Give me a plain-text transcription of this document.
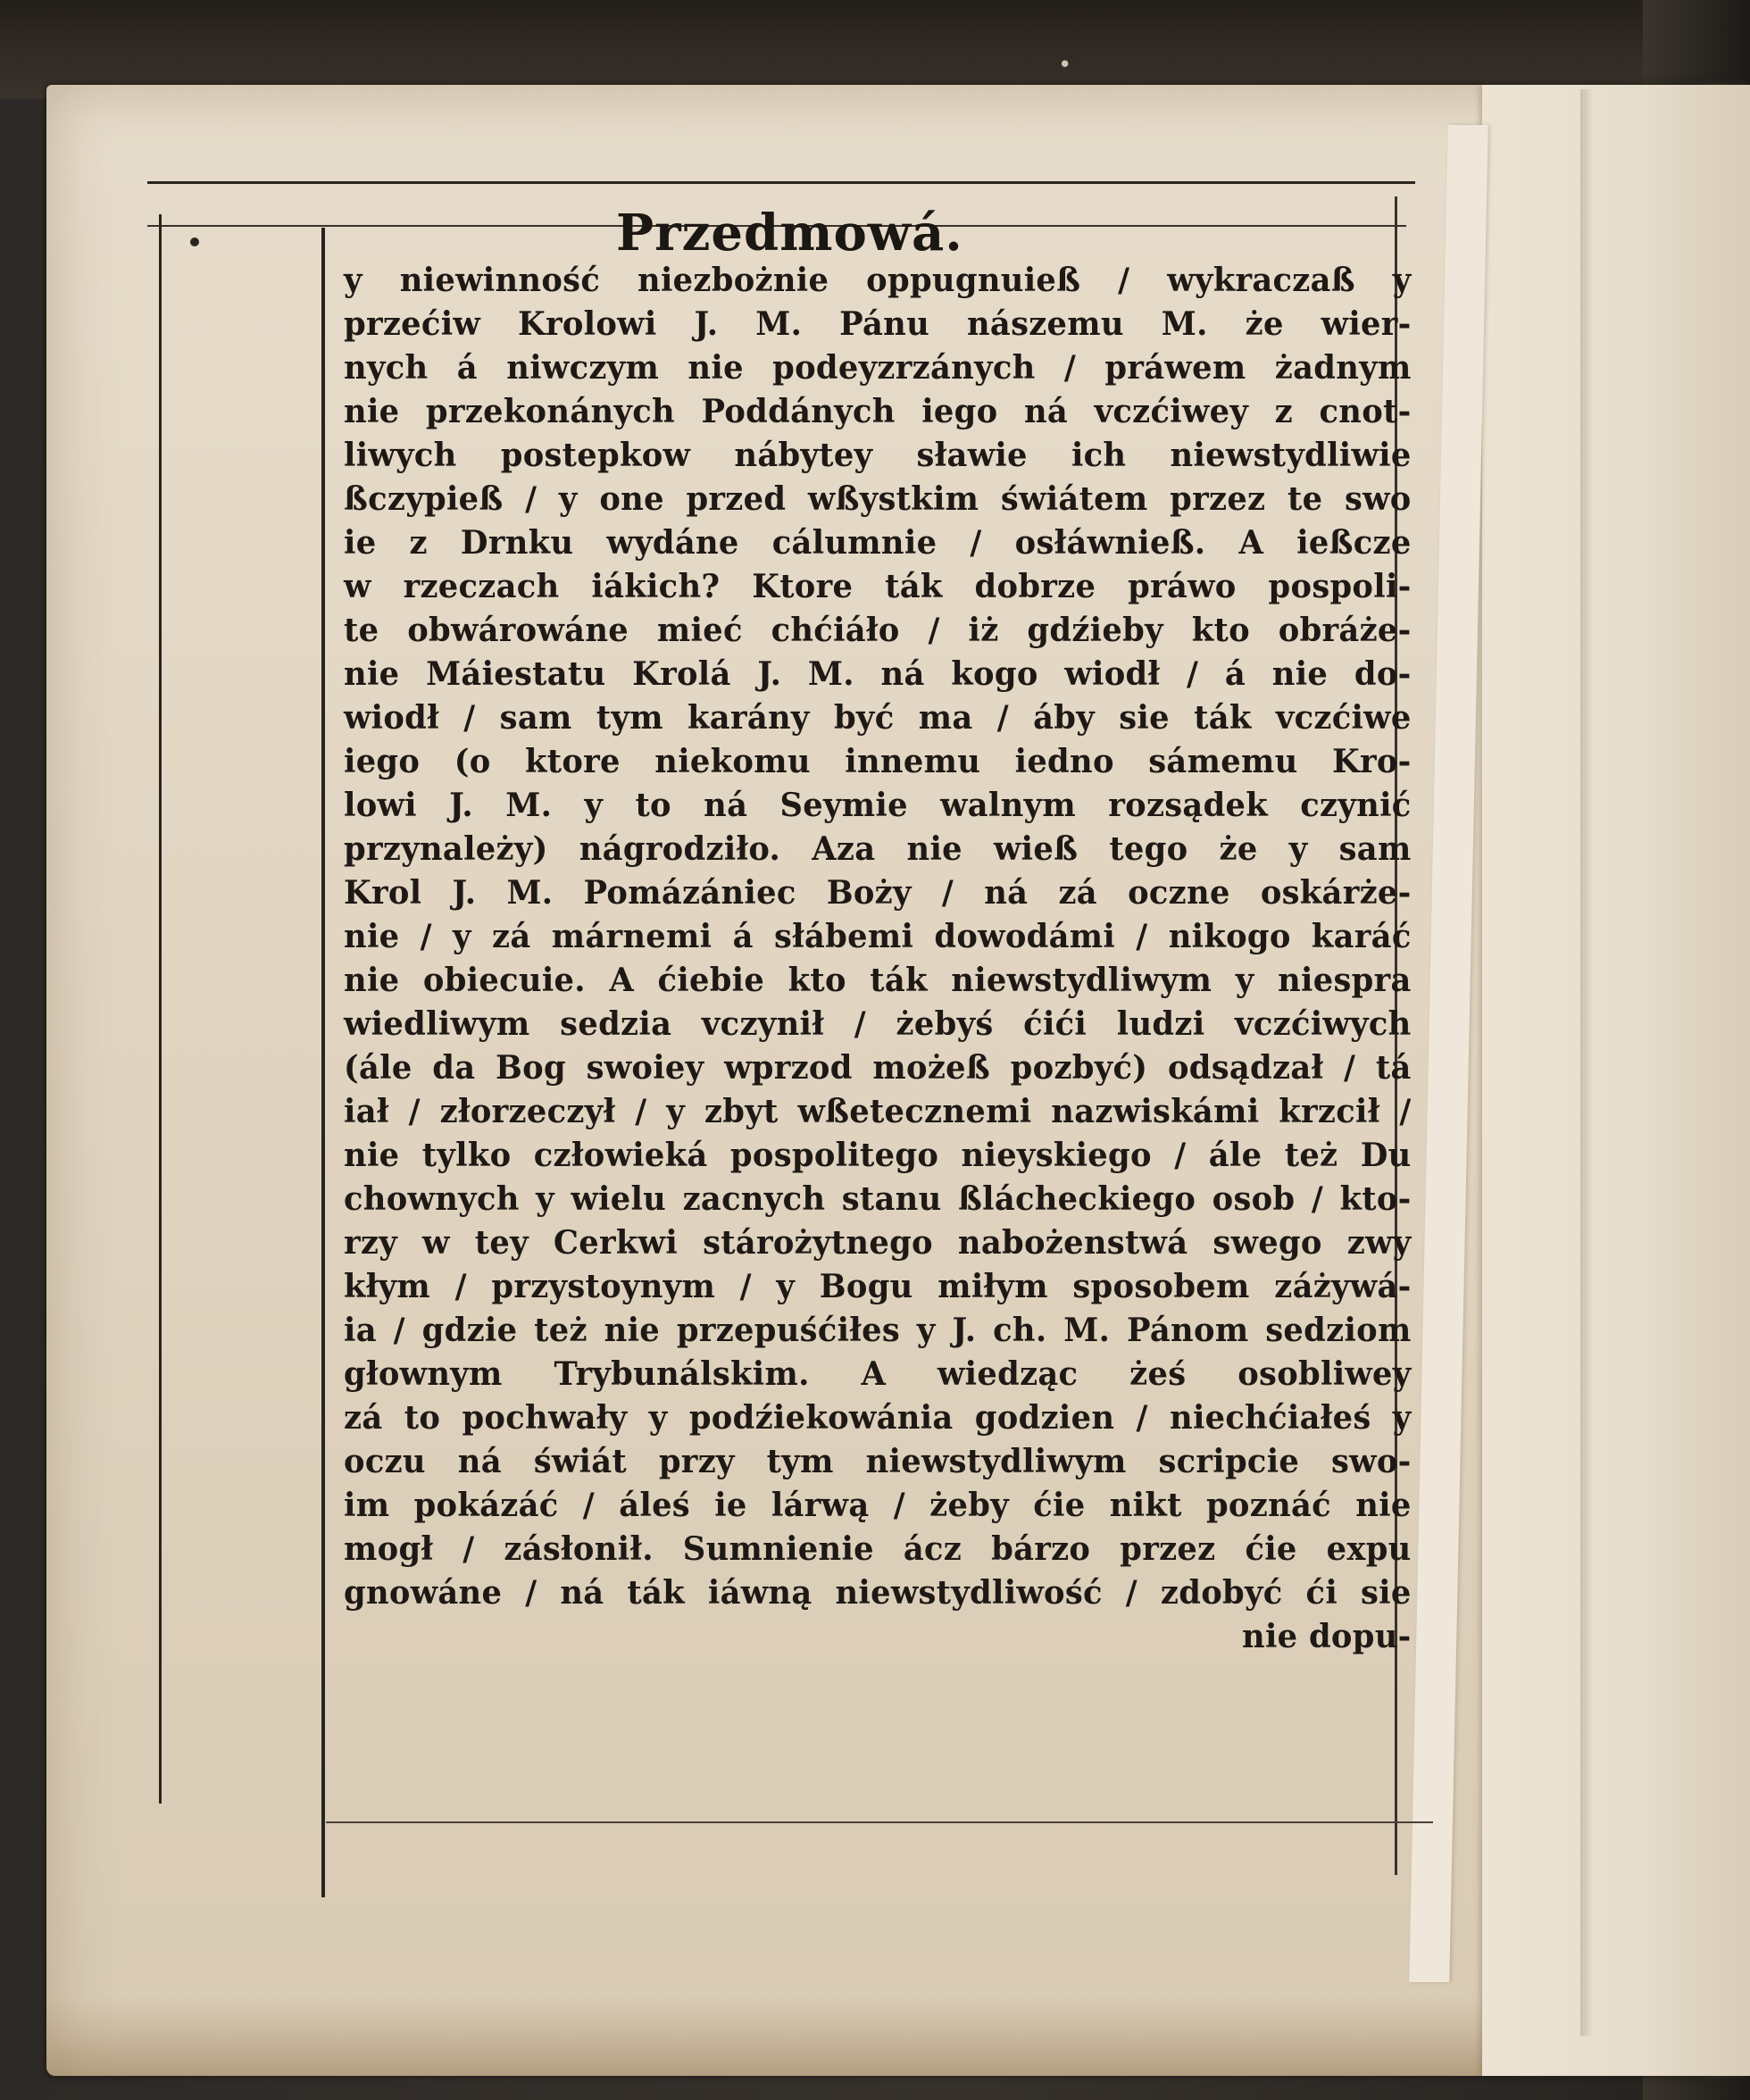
•
Przedmowá.
y niewinność niezbożnie oppugnuieß / wykraczaß y
przećiw Krolowi J. M. Pánu nászemu M. że wier-
nych á niwczym nie podeyzrzánych / práwem żadnym
nie przekonánych Poddánych iego ná vczćiwey z cnot-
liwych postepkow nábytey sławie ich niewstydliwie
ßczypieß / y one przed wßystkim świátem przez te swo
ie z Drnku wydáne cálumnie / osłáwnieß. A ießcze
w rzeczach iákich? Ktore ták dobrze práwo pospoli-
te obwárowáne mieć chćiáło / iż gdźieby kto obráże-
nie Máiestatu Krolá J. M. ná kogo wiodł / á nie do-
wiodł / sam tym karány być ma / áby sie ták vczćiwe
iego (o ktore niekomu innemu iedno sámemu Kro-
lowi J. M. y to ná Seymie walnym rozsądek czynić
przynależy) nágrodziło. Aza nie wieß tego że y sam
Krol J. M. Pomázániec Boży / ná zá oczne oskárże-
nie / y zá márnemi á słábemi dowodámi / nikogo karáć
nie obiecuie. A ćiebie kto ták niewstydliwym y niespra
wiedliwym sedzia vczynił / żebyś ćići ludzi vczćiwych
(ále da Bog swoiey wprzod możeß pozbyć) odsądzał / tá
iał / złorzeczył / y zbyt wßetecznemi nazwiskámi krzcił /
nie tylko człowieká pospolitego nieyskiego / ále też Du
chownych y wielu zacnych stanu ßlácheckiego osob / kto-
rzy w tey Cerkwi stárożytnego nabożenstwá swego zwy
kłym / przystoynym / y Bogu miłym sposobem záżywá-
ia / gdzie też nie przepuśćiłes y J. ch. M. Pánom sedziom
głownym Trybunálskim. A wiedząc żeś osobliwey
zá to pochwały y podźiekowánia godzien / niechćiałeś y
oczu ná świát przy tym niewstydliwym scripcie swo-
im pokázáć / áleś ie lárwą / żeby ćie nikt poznáć nie
mogł / zásłonił. Sumnienie ácz bárzo przez ćie expu
gnowáne / ná ták iáwną niewstydliwość / zdobyć ći sie
nie dopu-
